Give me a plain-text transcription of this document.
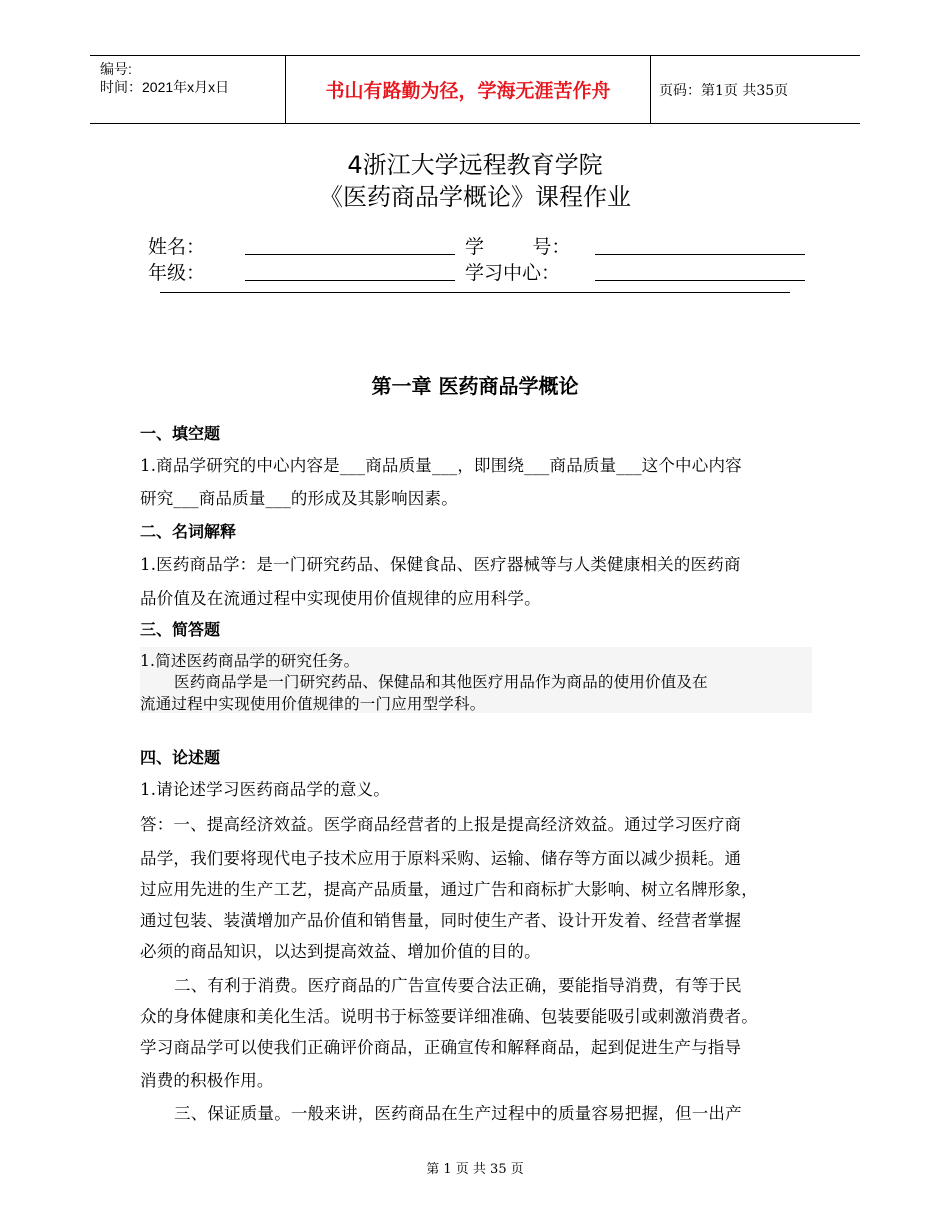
编号:
时间：2021年x月x日	书山有路勤为径，学海无涯苦作舟	页码：第1页 共35页
4浙江大学远程教育学院
《医药商品学概论》课程作业
姓名：	学        号：
年级：	学习中心：
第一章 医药商品学概论
一、填空题
1.商品学研究的中心内容是___商品质量___，即围绕___商品质量___这个中心内容
研究___商品质量___的形成及其影响因素。
二、名词解释
1.医药商品学：是一门研究药品、保健食品、医疗器械等与人类健康相关的医药商
品价值及在流通过程中实现使用价值规律的应用科学。
三、简答题
1.简述医药商品学的研究任务。
医药商品学是一门研究药品、保健品和其他医疗用品作为商品的使用价值及在
流通过程中实现使用价值规律的一门应用型学科。
四、论述题
1.请论述学习医药商品学的意义。
答：一、提高经济效益。医学商品经营者的上报是提高经济效益。通过学习医疗商
品学，我们要将现代电子技术应用于原料采购、运输、储存等方面以减少损耗。通
过应用先进的生产工艺，提高产品质量，通过广告和商标扩大影响、树立名牌形象，
通过包装、装潢增加产品价值和销售量，同时使生产者、设计开发着、经营者掌握
必须的商品知识，以达到提高效益、增加价值的目的。
二、有利于消费。医疗商品的广告宣传要合法正确，要能指导消费，有等于民
众的身体健康和美化生活。说明书于标签要详细准确、包装要能吸引或刺激消费者。
学习商品学可以使我们正确评价商品，正确宣传和解释商品，起到促进生产与指导
消费的积极作用。
三、保证质量。一般来讲，医药商品在生产过程中的质量容易把握，但一出产
第 1 页 共 35 页
